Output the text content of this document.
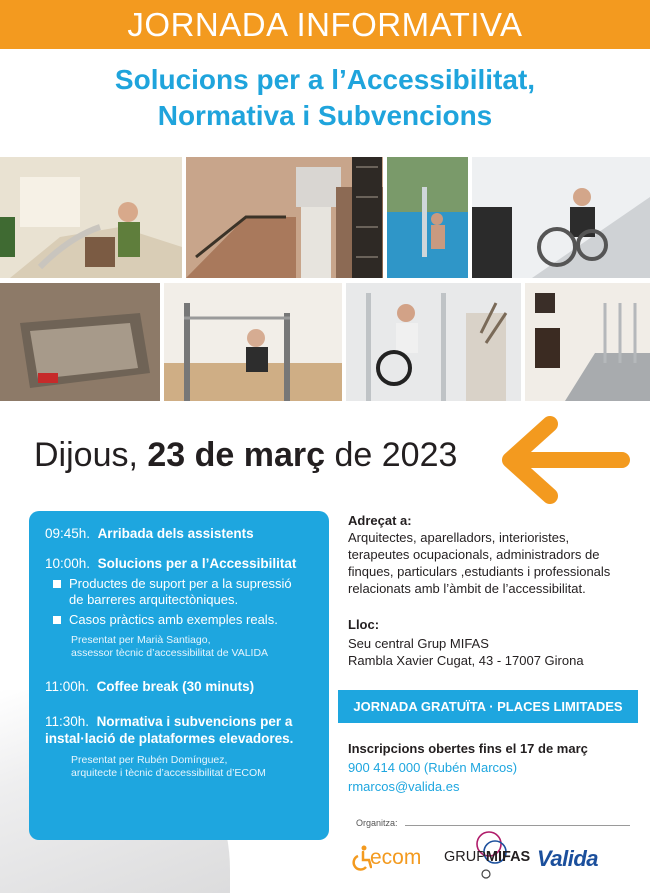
JORNADA INFORMATIVA
Solucions per a l’Accessibilitat,
Normativa i Subvencions
Dijous, 23 de març de 2023
09:45h. Arribada dels assistents
10:00h. Solucions per a l’Accessibilitat
Productes de suport per a la supressió
de barreres arquitectòniques.
Casos pràctics amb exemples reals.
Presentat per Marià Santiago,
assessor tècnic d’accessibilitat de VALIDA
11:00h. Coffee break (30 minuts)
11:30h. Normativa i subvencions per a
instal·lació de plataformes elevadores.
Presentat per Rubén Domínguez,
arquitecte i tècnic d’accessibilitat d’ECOM
Adreçat a:
Arquitectes, aparelladors, interioristes,
terapeutes ocupacionals, administradors de
finques, particulars ,estudiants i professionals
relacionats amb l’àmbit de l’accessibilitat.
Lloc:
Seu central Grup MIFAS
Rambla Xavier Cugat, 43 - 17007 Girona
JORNADA GRATUÏTA · PLACES LIMITADES
Inscripcions obertes fins el 17 de març
900 414 000 (Rubén Marcos)
rmarcos@valida.es
Organitza:
ecom GRUPMIFAS Valida
